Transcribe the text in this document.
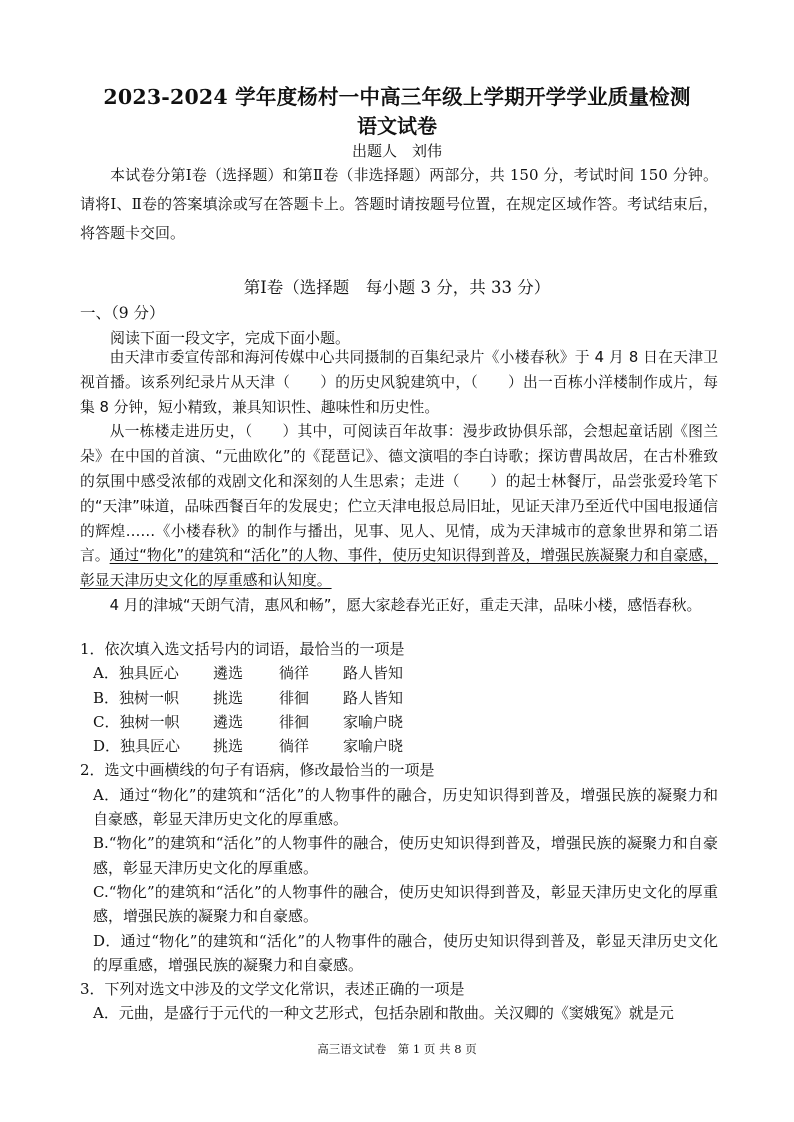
2023-2024 学年度杨村一中高三年级上学期开学学业质量检测
语文试卷
出题人　刘伟
本试卷分第Ⅰ卷（选择题）和第Ⅱ卷（非选择题）两部分，共 150 分，考试时间 150 分钟。请将Ⅰ、Ⅱ卷的答案填涂或写在答题卡上。答题时请按题号位置，在规定区域作答。考试结束后，将答题卡交回。
第Ⅰ卷（选择题　每小题 3 分，共 33 分）
一、（9 分）
阅读下面一段文字，完成下面小题。

由天津市委宣传部和海河传媒中心共同摄制的百集纪录片《小楼春秋》于 4 月 8 日在天津卫视首播。该系列纪录片从天津（　　）的历史风貌建筑中，（　　）出一百栋小洋楼制作成片，每集 8 分钟，短小精致，兼具知识性、趣味性和历史性。

从一栋楼走进历史，（　　）其中，可阅读百年故事：漫步政协俱乐部，会想起童话剧《图兰朵》在中国的首演、“元曲欧化”的《琵琶记》、德文演唱的李白诗歌；探访曹禺故居，在古朴雅致的氛围中感受浓郁的戏剧文化和深刻的人生思索；走进（　　）的起士林餐厅，品尝张爱玲笔下的“天津”味道，品味西餐百年的发展史；伫立天津电报总局旧址，见证天津乃至近代中国电报通信的辉煌……《小楼春秋》的制作与播出，见事、见人、见情，成为天津城市的意象世界和第二语言。通过“物化”的建筑和“活化”的人物、事件，使历史知识得到普及，增强民族凝聚力和自豪感，彰显天津历史文化的厚重感和认知度。

4 月的津城“天朗气清，惠风和畅”，愿大家趁春光正好，重走天津，品味小楼，感悟春秋。

1．依次填入选文括号内的词语，最恰当的一项是

A．独具匠心	遴选	徜徉	路人皆知
B．独树一帜	挑选	徘徊	路人皆知
C．独树一帜	遴选	徘徊	家喻户晓
D．独具匠心	挑选	徜徉	家喻户晓

2．选文中画横线的句子有语病，修改最恰当的一项是

A．通过“物化”的建筑和“活化”的人物事件的融合，历史知识得到普及，增强民族的凝聚力和自豪感，彰显天津历史文化的厚重感。

B.“物化”的建筑和“活化”的人物事件的融合，使历史知识得到普及，增强民族的凝聚力和自豪感，彰显天津历史文化的厚重感。

C.“物化”的建筑和“活化”的人物事件的融合，使历史知识得到普及，彰显天津历史文化的厚重感，增强民族的凝聚力和自豪感。

D．通过“物化”的建筑和“活化”的人物事件的融合，使历史知识得到普及，彰显天津历史文化的厚重感，增强民族的凝聚力和自豪感。

3．下列对选文中涉及的文学文化常识，表述正确的一项是

A．元曲，是盛行于元代的一种文艺形式，包括杂剧和散曲。关汉卿的《窦娥冤》就是元

高三语文试卷　第 1 页 共 8 页
